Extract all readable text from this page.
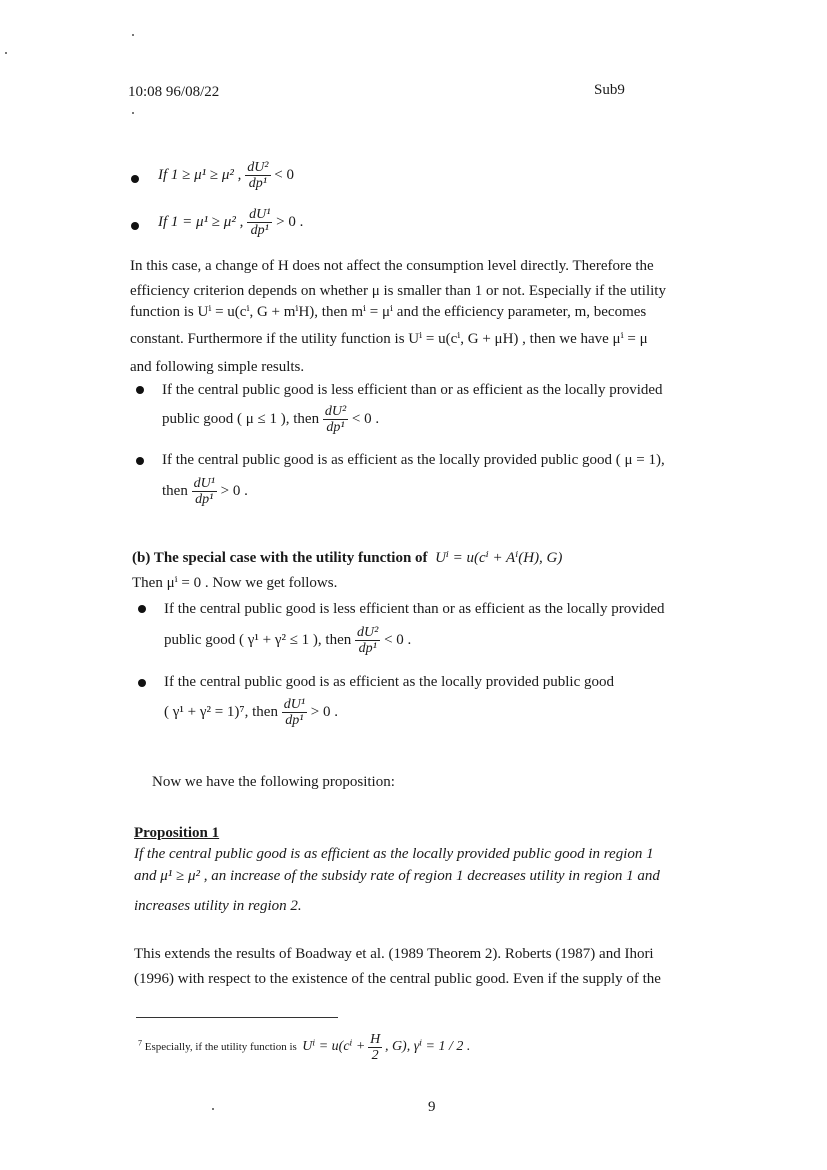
10:08 96/08/22	Sub9
If 1 ≥ μ¹ ≥ μ² , $\frac{\text{dU²}}{\text{dp¹}} < 0$
If 1 = μ¹ ≥ μ² , $\frac{\text{dU¹}}{\text{dp¹}} > 0$ .
In this case, a change of H does not affect the consumption level directly. Therefore the
efficiency criterion depends on whether μ is smaller than 1 or not. Especially if the utility
function is Uⁱ = u(cⁱ, G + mⁱH), then mⁱ = μⁱ and the efficiency parameter, m, becomes
constant. Furthermore if the utility function is Uⁱ = u(cⁱ, G + μH) , then we have μⁱ = μ
and following simple results.
If the central public good is less efficient than or as efficient as the locally provided
public good ( μ ≤ 1 ), then $\frac{\text{dU²}}{\text{dp¹}} < 0$ .
If the central public good is as efficient as the locally provided public good ( μ = 1),
then $\frac{\text{dU¹}}{\text{dp¹}} > 0$ .
(b) The special case with the utility function of Uⁱ = u(cⁱ + Aⁱ(H), G)
Then μⁱ = 0 . Now we get follows.
If the central public good is less efficient than or as efficient as the locally provided
public good ( γ¹ + γ² ≤ 1 ), then $\frac{\text{dU²}}{\text{dp¹}} < 0$ .
If the central public good is as efficient as the locally provided public good
( γ¹ + γ² = 1)⁷, then $\frac{\text{dU¹}}{\text{dp¹}} > 0$ .
Now we have the following proposition:
Proposition 1
If the central public good is as efficient as the locally provided public good in region 1
and μ¹ ≥ μ² , an increase of the subsidy rate of region 1 decreases utility in region 1 and
increases utility in region 2.
This extends the results of Boadway et al. (1989 Theorem 2). Roberts (1987) and Ihori
(1996) with respect to the existence of the central public good. Even if the supply of the
$^7$ Especially, if the utility function is $U^i = u(c^i + \frac{H}{2}$ , G), γⁱ = 1 / 2 .
9
